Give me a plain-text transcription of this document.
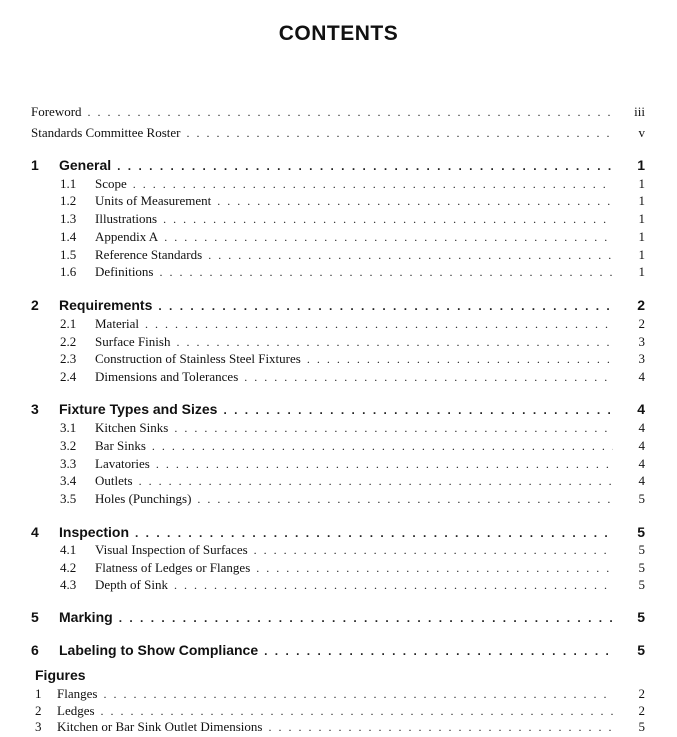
CONTENTS
Foreword . . .	iii
Standards Committee Roster . . .	v
1	General . . .	1
1.1	Scope . . .	1
1.2	Units of Measurement . . .	1
1.3	Illustrations . . .	1
1.4	Appendix A . . .	1
1.5	Reference Standards . . .	1
1.6	Definitions . . .	1
2	Requirements . . .	2
2.1	Material . . .	2
2.2	Surface Finish . . .	3
2.3	Construction of Stainless Steel Fixtures . . .	3
2.4	Dimensions and Tolerances . . .	4
3	Fixture Types and Sizes . . .	4
3.1	Kitchen Sinks . . .	4
3.2	Bar Sinks . . .	4
3.3	Lavatories . . .	4
3.4	Outlets . . .	4
3.5	Holes (Punchings) . . .	5
4	Inspection . . .	5
4.1	Visual Inspection of Surfaces . . .	5
4.2	Flatness of Ledges or Flanges . . .	5
4.3	Depth of Sink . . .	5
5	Marking . . .	5
6	Labeling to Show Compliance . . .	5
Figures
1	Flanges . . .	2
2	Ledges . . .	2
3	Kitchen or Bar Sink Outlet Dimensions . . .	5
